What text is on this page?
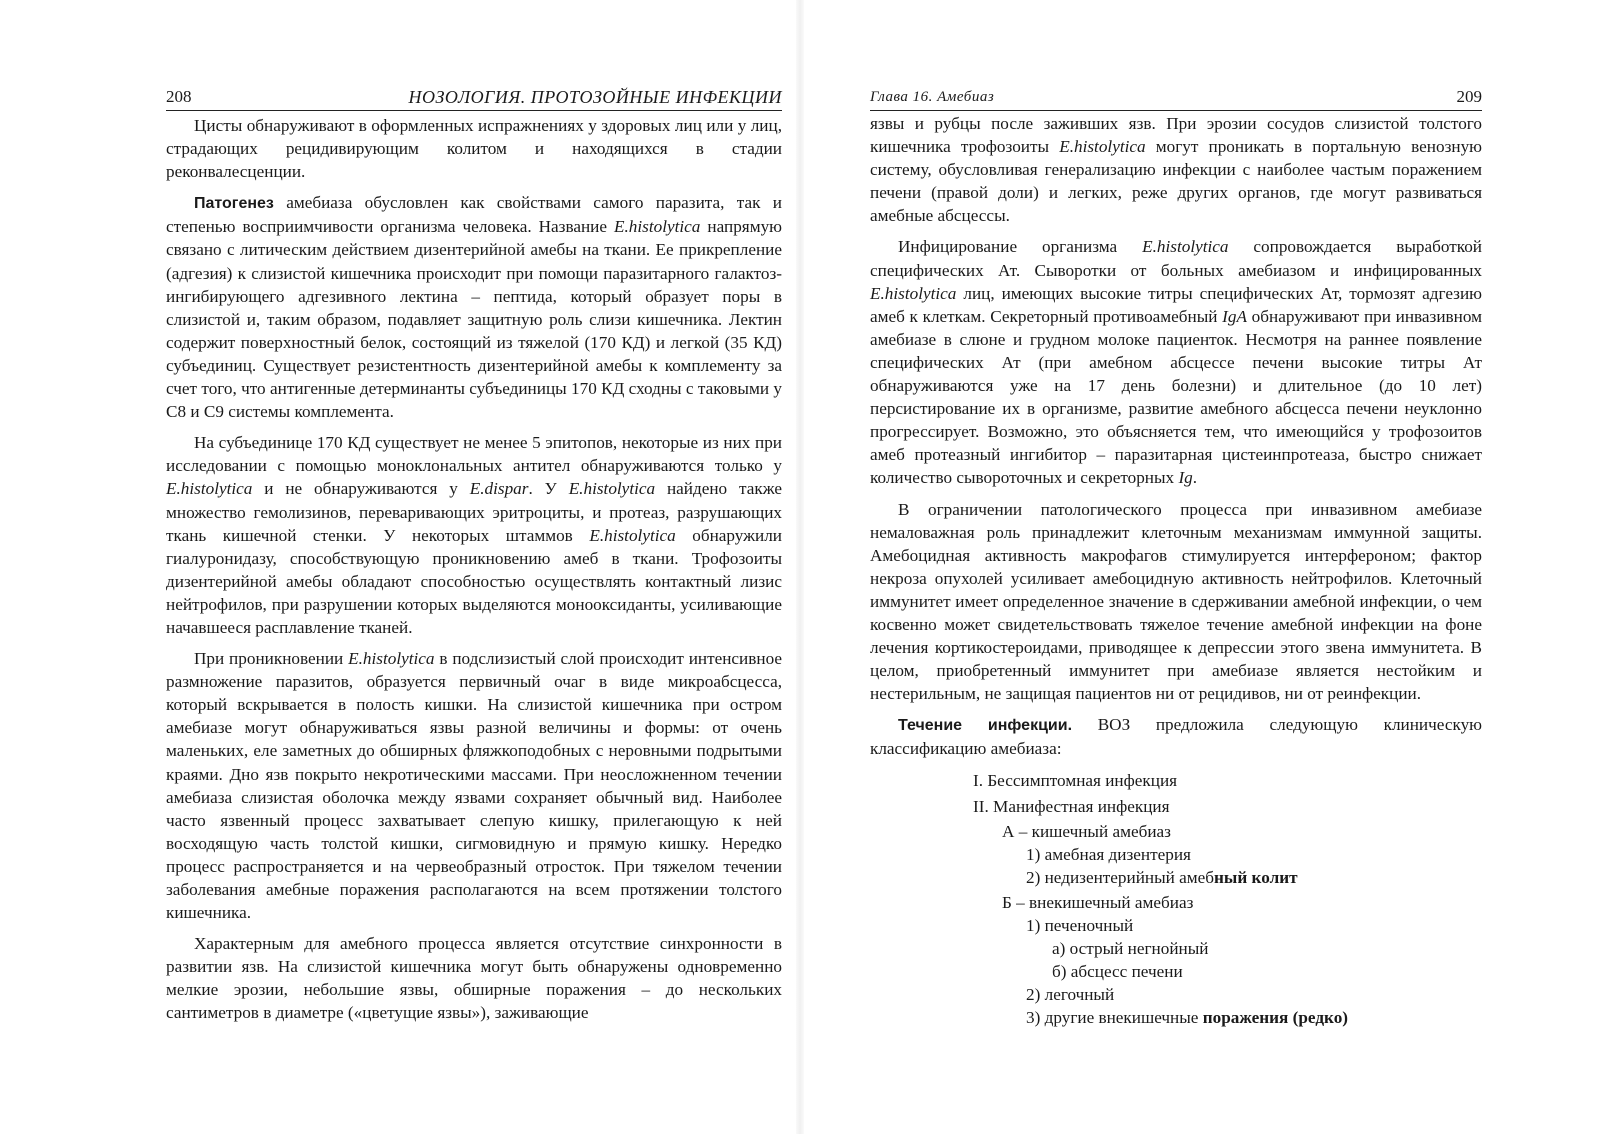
208	НОЗОЛОГИЯ. ПРОТОЗОЙНЫЕ ИНФЕКЦИИ

Цисты обнаруживают в оформленных испражнениях у здоровых лиц или у лиц, страдающих рецидивирующим колитом и находящихся в стадии реконвалесценции.

Патогенез амебиаза обусловлен как свойствами самого паразита, так и степенью восприимчивости организма человека. Название E.histolytica напрямую связано с литическим действием дизентерийной амебы на ткани. Ее прикрепление (адгезия) к слизистой кишечника происходит при помощи паразитарного галактоз-ингибирующего адгезивного лектина – пептида, который образует поры в слизистой и, таким образом, подавляет защитную роль слизи кишечника. Лектин содержит поверхностный белок, состоящий из тяжелой (170 КД) и легкой (35 КД) субъединиц. Существует резистентность дизентерийной амебы к комплементу за счет того, что антигенные детерминанты субъединицы 170 КД сходны с таковыми у С8 и С9 системы комплемента.

На субъединице 170 КД существует не менее 5 эпитопов, некоторые из них при исследовании с помощью моноклональных антител обнаруживаются только у E.histolytica и не обнаруживаются у E.dispar. У E.histolytica найдено также множество гемолизинов, переваривающих эритроциты, и протеаз, разрушающих ткань кишечной стенки. У некоторых штаммов E.histolytica обнаружили гиалуронидазу, способствующую проникновению амеб в ткани. Трофозоиты дизентерийной амебы обладают способностью осуществлять контактный лизис нейтрофилов, при разрушении которых выделяются монооксиданты, усиливающие начавшееся расплавление тканей.

При проникновении E.histolytica в подслизистый слой происходит интенсивное размножение паразитов, образуется первичный очаг в виде микроабсцесса, который вскрывается в полость кишки. На слизистой кишечника при остром амебиазе могут обнаруживаться язвы разной величины и формы: от очень маленьких, еле заметных до обширных фляжкоподобных с неровными подрытыми краями. Дно язв покрыто некротическими массами. При неосложненном течении амебиаза слизистая оболочка между язвами сохраняет обычный вид. Наиболее часто язвенный процесс захватывает слепую кишку, прилегающую к ней восходящую часть толстой кишки, сигмовидную и прямую кишку. Нередко процесс распространяется и на червеобразный отросток. При тяжелом течении заболевания амебные поражения располагаются на всем протяжении толстого кишечника.

Характерным для амебного процесса является отсутствие синхронности в развитии язв. На слизистой кишечника могут быть обнаружены одновременно мелкие эрозии, небольшие язвы, обширные поражения – до нескольких сантиметров в диаметре («цветущие язвы»), заживающие

Глава 16. Амебиаз	209

язвы и рубцы после заживших язв. При эрозии сосудов слизистой толстого кишечника трофозоиты E.histolytica могут проникать в портальную венозную систему, обусловливая генерализацию инфекции с наиболее частым поражением печени (правой доли) и легких, реже других органов, где могут развиваться амебные абсцессы.

Инфицирование организма E.histolytica сопровождается выработкой специфических Ат. Сыворотки от больных амебиазом и инфицированных E.histolytica лиц, имеющих высокие титры специфических Ат, тормозят адгезию амеб к клеткам. Секреторный противоамебный IgA обнаруживают при инвазивном амебиазе в слюне и грудном молоке пациенток. Несмотря на раннее появление специфических Ат (при амебном абсцессе печени высокие титры Ат обнаруживаются уже на 17 день болезни) и длительное (до 10 лет) персистирование их в организме, развитие амебного абсцесса печени неуклонно прогрессирует. Возможно, это объясняется тем, что имеющийся у трофозоитов амеб протеазный ингибитор – паразитарная цистеинпротеаза, быстро снижает количество сывороточных и секреторных Ig.

В ограничении патологического процесса при инвазивном амебиазе немаловажная роль принадлежит клеточным механизмам иммунной защиты. Амебоцидная активность макрофагов стимулируется интерфероном; фактор некроза опухолей усиливает амебоцидную активность нейтрофилов. Клеточный иммунитет имеет определенное значение в сдерживании амебной инфекции, о чем косвенно может свидетельствовать тяжелое течение амебной инфекции на фоне лечения кортикостероидами, приводящее к депрессии этого звена иммунитета. В целом, приобретенный иммунитет при амебиазе является нестойким и нестерильным, не защищая пациентов ни от рецидивов, ни от реинфекции.

Течение инфекции. ВОЗ предложила следующую клиническую классификацию амебиаза:

I. Бессимптомная инфекция
II. Манифестная инфекция
А – кишечный амебиаз
1) амебная дизентерия
2) недизентерийный амебный колит
Б – внекишечный амебиаз
1) печеночный
а) острый негнойный
б) абсцесс печени
2) легочный
3) другие внекишечные поражения (редко)
